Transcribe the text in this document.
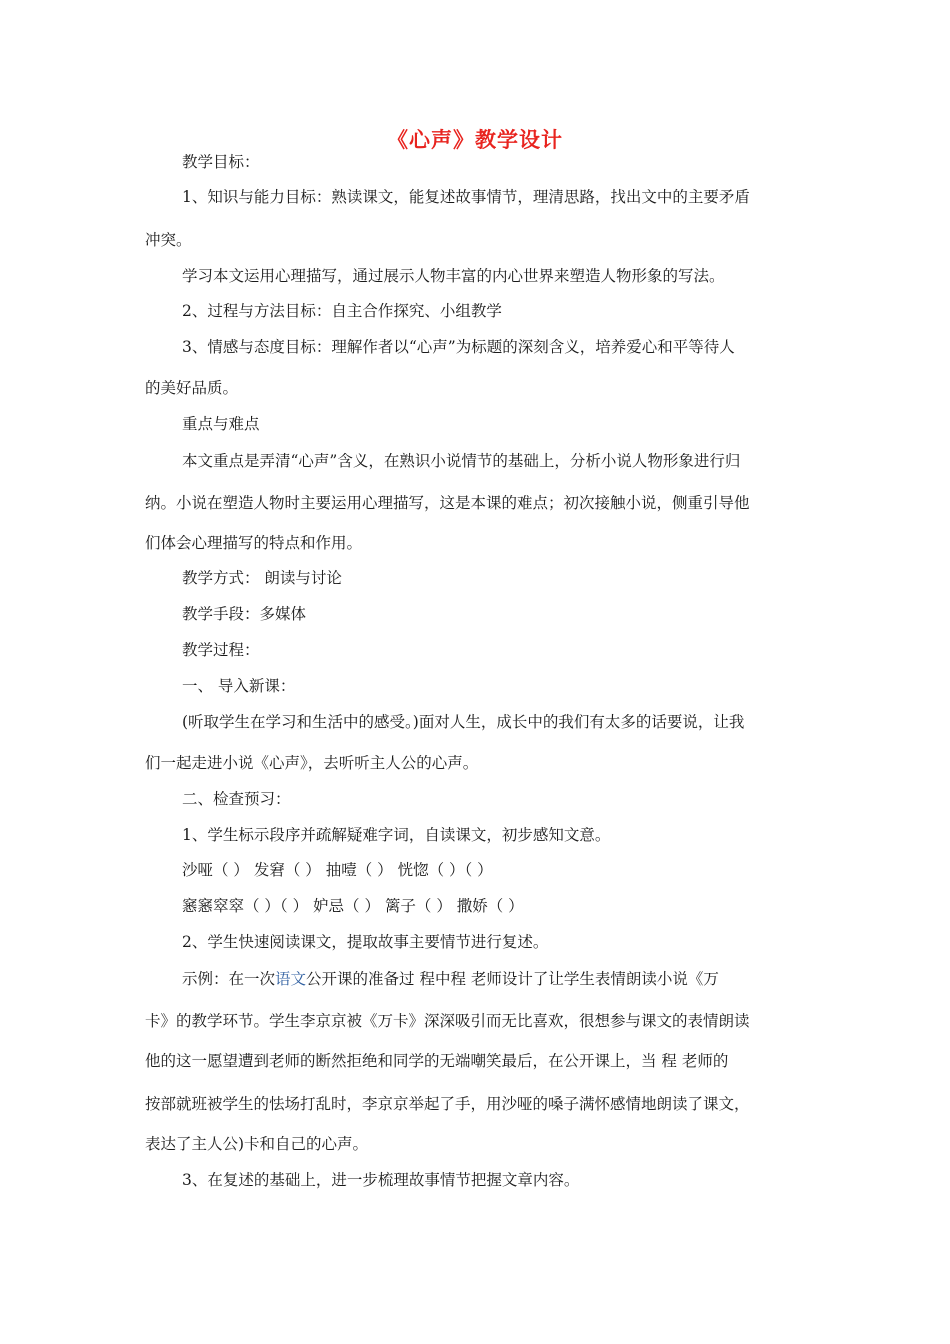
《心声》教学设计
教学目标：
1、知识与能力目标：熟读课文，能复述故事情节，理清思路，找出文中的主要矛盾
冲突。
学习本文运用心理描写，通过展示人物丰富的内心世界来塑造人物形象的写法。
2、过程与方法目标：自主合作探究、小组教学
3、情感与态度目标：理解作者以“心声”为标题的深刻含义，培养爱心和平等待人
的美好品质。
重点与难点
本文重点是弄清“心声”含义，在熟识小说情节的基础上，分析小说人物形象进行归
纳。小说在塑造人物时主要运用心理描写，这是本课的难点；初次接触小说，侧重引导他
们体会心理描写的特点和作用。
教学方式： 朗读与讨论
教学手段：多媒体
教学过程：
一、 导入新课：
(听取学生在学习和生活中的感受。)面对人生，成长中的我们有太多的话要说，让我
们一起走进小说《心声》，去听听主人公的心声。
二、检查预习：
1、学生标示段序并疏解疑难字词，自读课文，初步感知文意。
沙哑（ ） 发窘（ ） 抽噎（ ） 恍惚（ ）（ ）
窸窸窣窣（ ）（ ） 妒忌（ ） 篱子（ ） 撒娇（ ）
2、学生快速阅读课文，提取故事主要情节进行复述。
示例：在一次语文公开课的准备过 程中程 老师设计了让学生表情朗读小说《万
卡》的教学环节。学生李京京被《万卡》深深吸引而无比喜欢，很想参与课文的表情朗读
他的这一愿望遭到老师的断然拒绝和同学的无端嘲笑最后，在公开课上，当 程 老师的
按部就班被学生的怯场打乱时，李京京举起了手，用沙哑的嗓子满怀感情地朗读了课文，
表达了主人公)卡和自己的心声。
3、在复述的基础上，进一步梳理故事情节把握文章内容。
